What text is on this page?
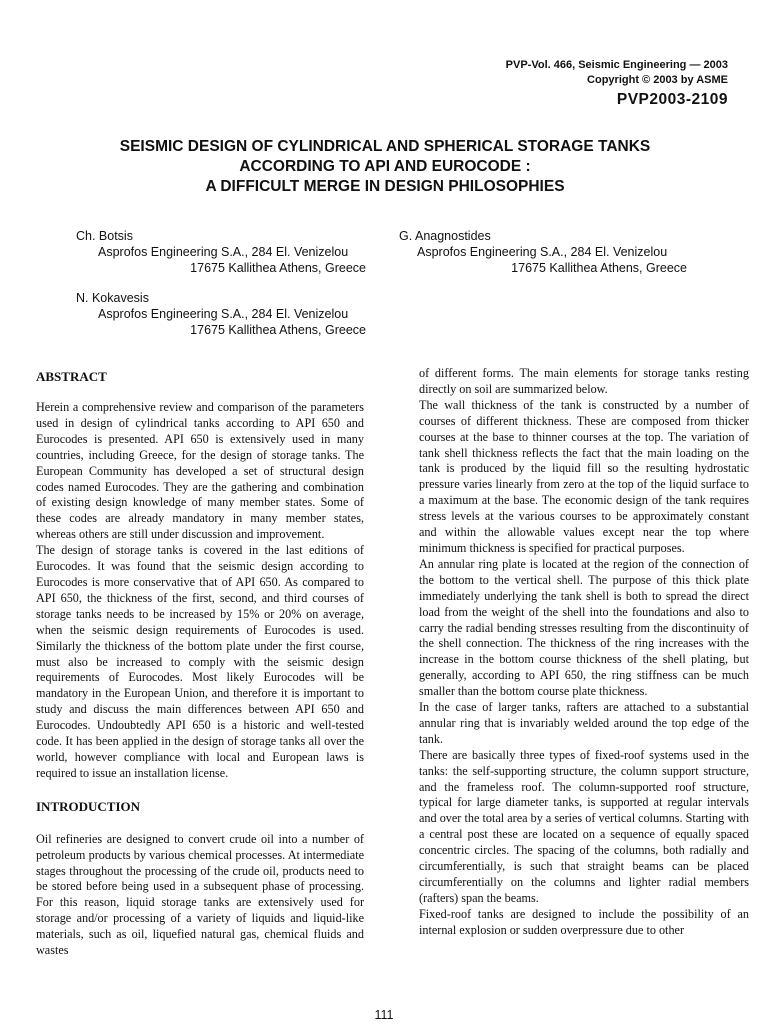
PVP-Vol. 466, Seismic Engineering — 2003
Copyright © 2003 by ASME
PVP2003-2109
SEISMIC DESIGN OF CYLINDRICAL AND SPHERICAL STORAGE TANKS
ACCORDING TO API AND EUROCODE :
A DIFFICULT MERGE IN DESIGN PHILOSOPHIES
Ch. Botsis
Asprofos Engineering S.A., 284 El. Venizelou
17675 Kallithea Athens, Greece
G. Anagnostides
Asprofos Engineering S.A., 284 El. Venizelou
17675 Kallithea Athens, Greece
N. Kokavesis
Asprofos Engineering S.A., 284 El. Venizelou
17675 Kallithea Athens, Greece
ABSTRACT

Herein a comprehensive review and comparison of the parameters used in design of cylindrical tanks according to API 650 and Eurocodes is presented. API 650 is extensively used in many countries, including Greece, for the design of storage tanks. The European Community has developed a set of structural design codes named Eurocodes. They are the gathering and combination of existing design knowledge of many member states. Some of these codes are already mandatory in many member states, whereas others are still under discussion and improvement.

The design of storage tanks is covered in the last editions of Eurocodes. It was found that the seismic design according to Eurocodes is more conservative that of API 650. As compared to API 650, the thickness of the first, second, and third courses of storage tanks needs to be increased by 15% or 20% on average, when the seismic design requirements of Eurocodes is used. Similarly the thickness of the bottom plate under the first course, must also be increased to comply with the seismic design requirements of Eurocodes. Most likely Eurocodes will be mandatory in the European Union, and therefore it is important to study and discuss the main differences between API 650 and Eurocodes. Undoubtedly API 650 is a historic and well-tested code. It has been applied in the design of storage tanks all over the world, however compliance with local and European laws is required to issue an installation license.

INTRODUCTION

Oil refineries are designed to convert crude oil into a number of petroleum products by various chemical processes. At intermediate stages throughout the processing of the crude oil, products need to be stored before being used in a subsequent phase of processing. For this reason, liquid storage tanks are extensively used for storage and/or processing of a variety of liquids and liquid-like materials, such as oil, liquefied natural gas, chemical fluids and wastes

of different forms. The main elements for storage tanks resting directly on soil are summarized below.

The wall thickness of the tank is constructed by a number of courses of different thickness. These are composed from thicker courses at the base to thinner courses at the top. The variation of tank shell thickness reflects the fact that the main loading on the tank is produced by the liquid fill so the resulting hydrostatic pressure varies linearly from zero at the top of the liquid surface to a maximum at the base. The economic design of the tank requires stress levels at the various courses to be approximately constant and within the allowable values except near the top where minimum thickness is specified for practical purposes.

An annular ring plate is located at the region of the connection of the bottom to the vertical shell. The purpose of this thick plate immediately underlying the tank shell is both to spread the direct load from the weight of the shell into the foundations and also to carry the radial bending stresses resulting from the discontinuity of the shell connection. The thickness of the ring increases with the increase in the bottom course thickness of the shell plating, but generally, according to API 650, the ring stiffness can be much smaller than the bottom course plate thickness.

In the case of larger tanks, rafters are attached to a substantial annular ring that is invariably welded around the top edge of the tank.

There are basically three types of fixed-roof systems used in the tanks: the self-supporting structure, the column support structure, and the frameless roof. The column-supported roof structure, typical for large diameter tanks, is supported at regular intervals and over the total area by a series of vertical columns. Starting with a central post these are located on a sequence of equally spaced concentric circles. The spacing of the columns, both radially and circumferentially, is such that straight beams can be placed circumferentially on the columns and lighter radial members (rafters) span the beams.

Fixed-roof tanks are designed to include the possibility of an internal explosion or sudden overpressure due to other

111
